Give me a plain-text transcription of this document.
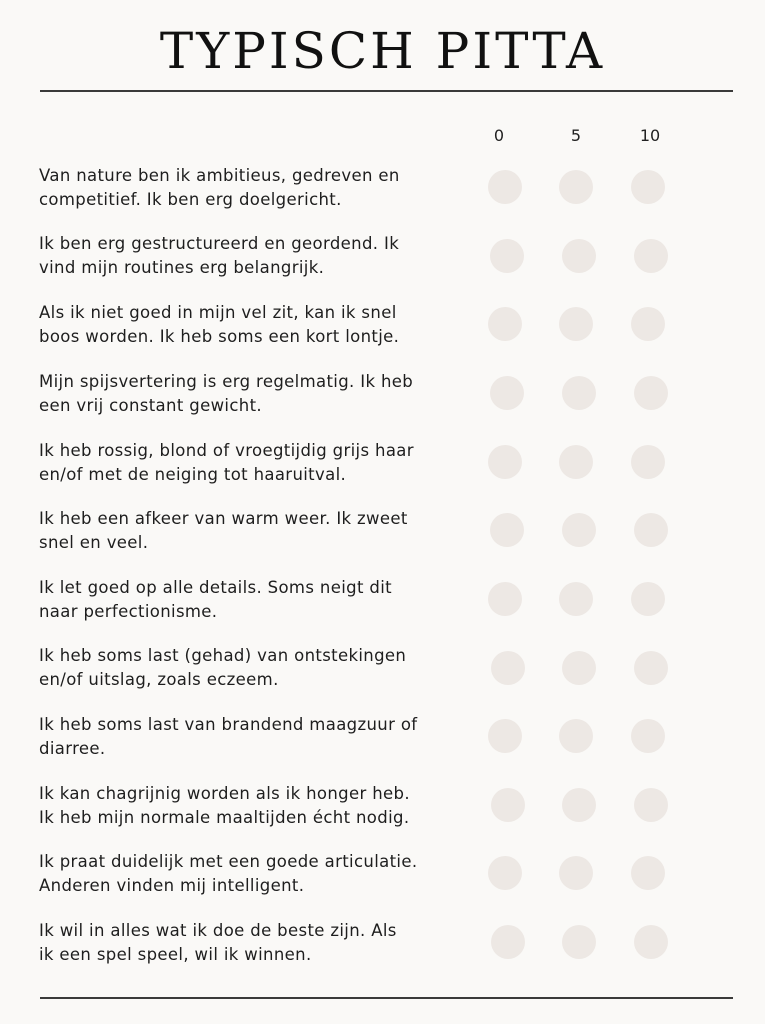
TYPISCH PITTA
0	5	10
Van nature ben ik ambitieus, gedreven en competitief. Ik ben erg doelgericht.
Ik ben erg gestructureerd en geordend. Ik vind mijn routines erg belangrijk.
Als ik niet goed in mijn vel zit, kan ik snel boos worden. Ik heb soms een kort lontje.
Mijn spijsvertering is erg regelmatig. Ik heb een vrij constant gewicht.
Ik heb rossig, blond of vroegtijdig grijs haar en/of met de neiging tot haaruitval.
Ik heb een afkeer van warm weer. Ik zweet snel en veel.
Ik let goed op alle details. Soms neigt dit naar perfectionisme.
Ik heb soms last (gehad) van ontstekingen en/of uitslag, zoals eczeem.
Ik heb soms last van brandend maagzuur of diarree.
Ik kan chagrijnig worden als ik honger heb. Ik heb mijn normale maaltijden écht nodig.
Ik praat duidelijk met een goede articulatie. Anderen vinden mij intelligent.
Ik wil in alles wat ik doe de beste zijn. Als ik een spel speel, wil ik winnen.
